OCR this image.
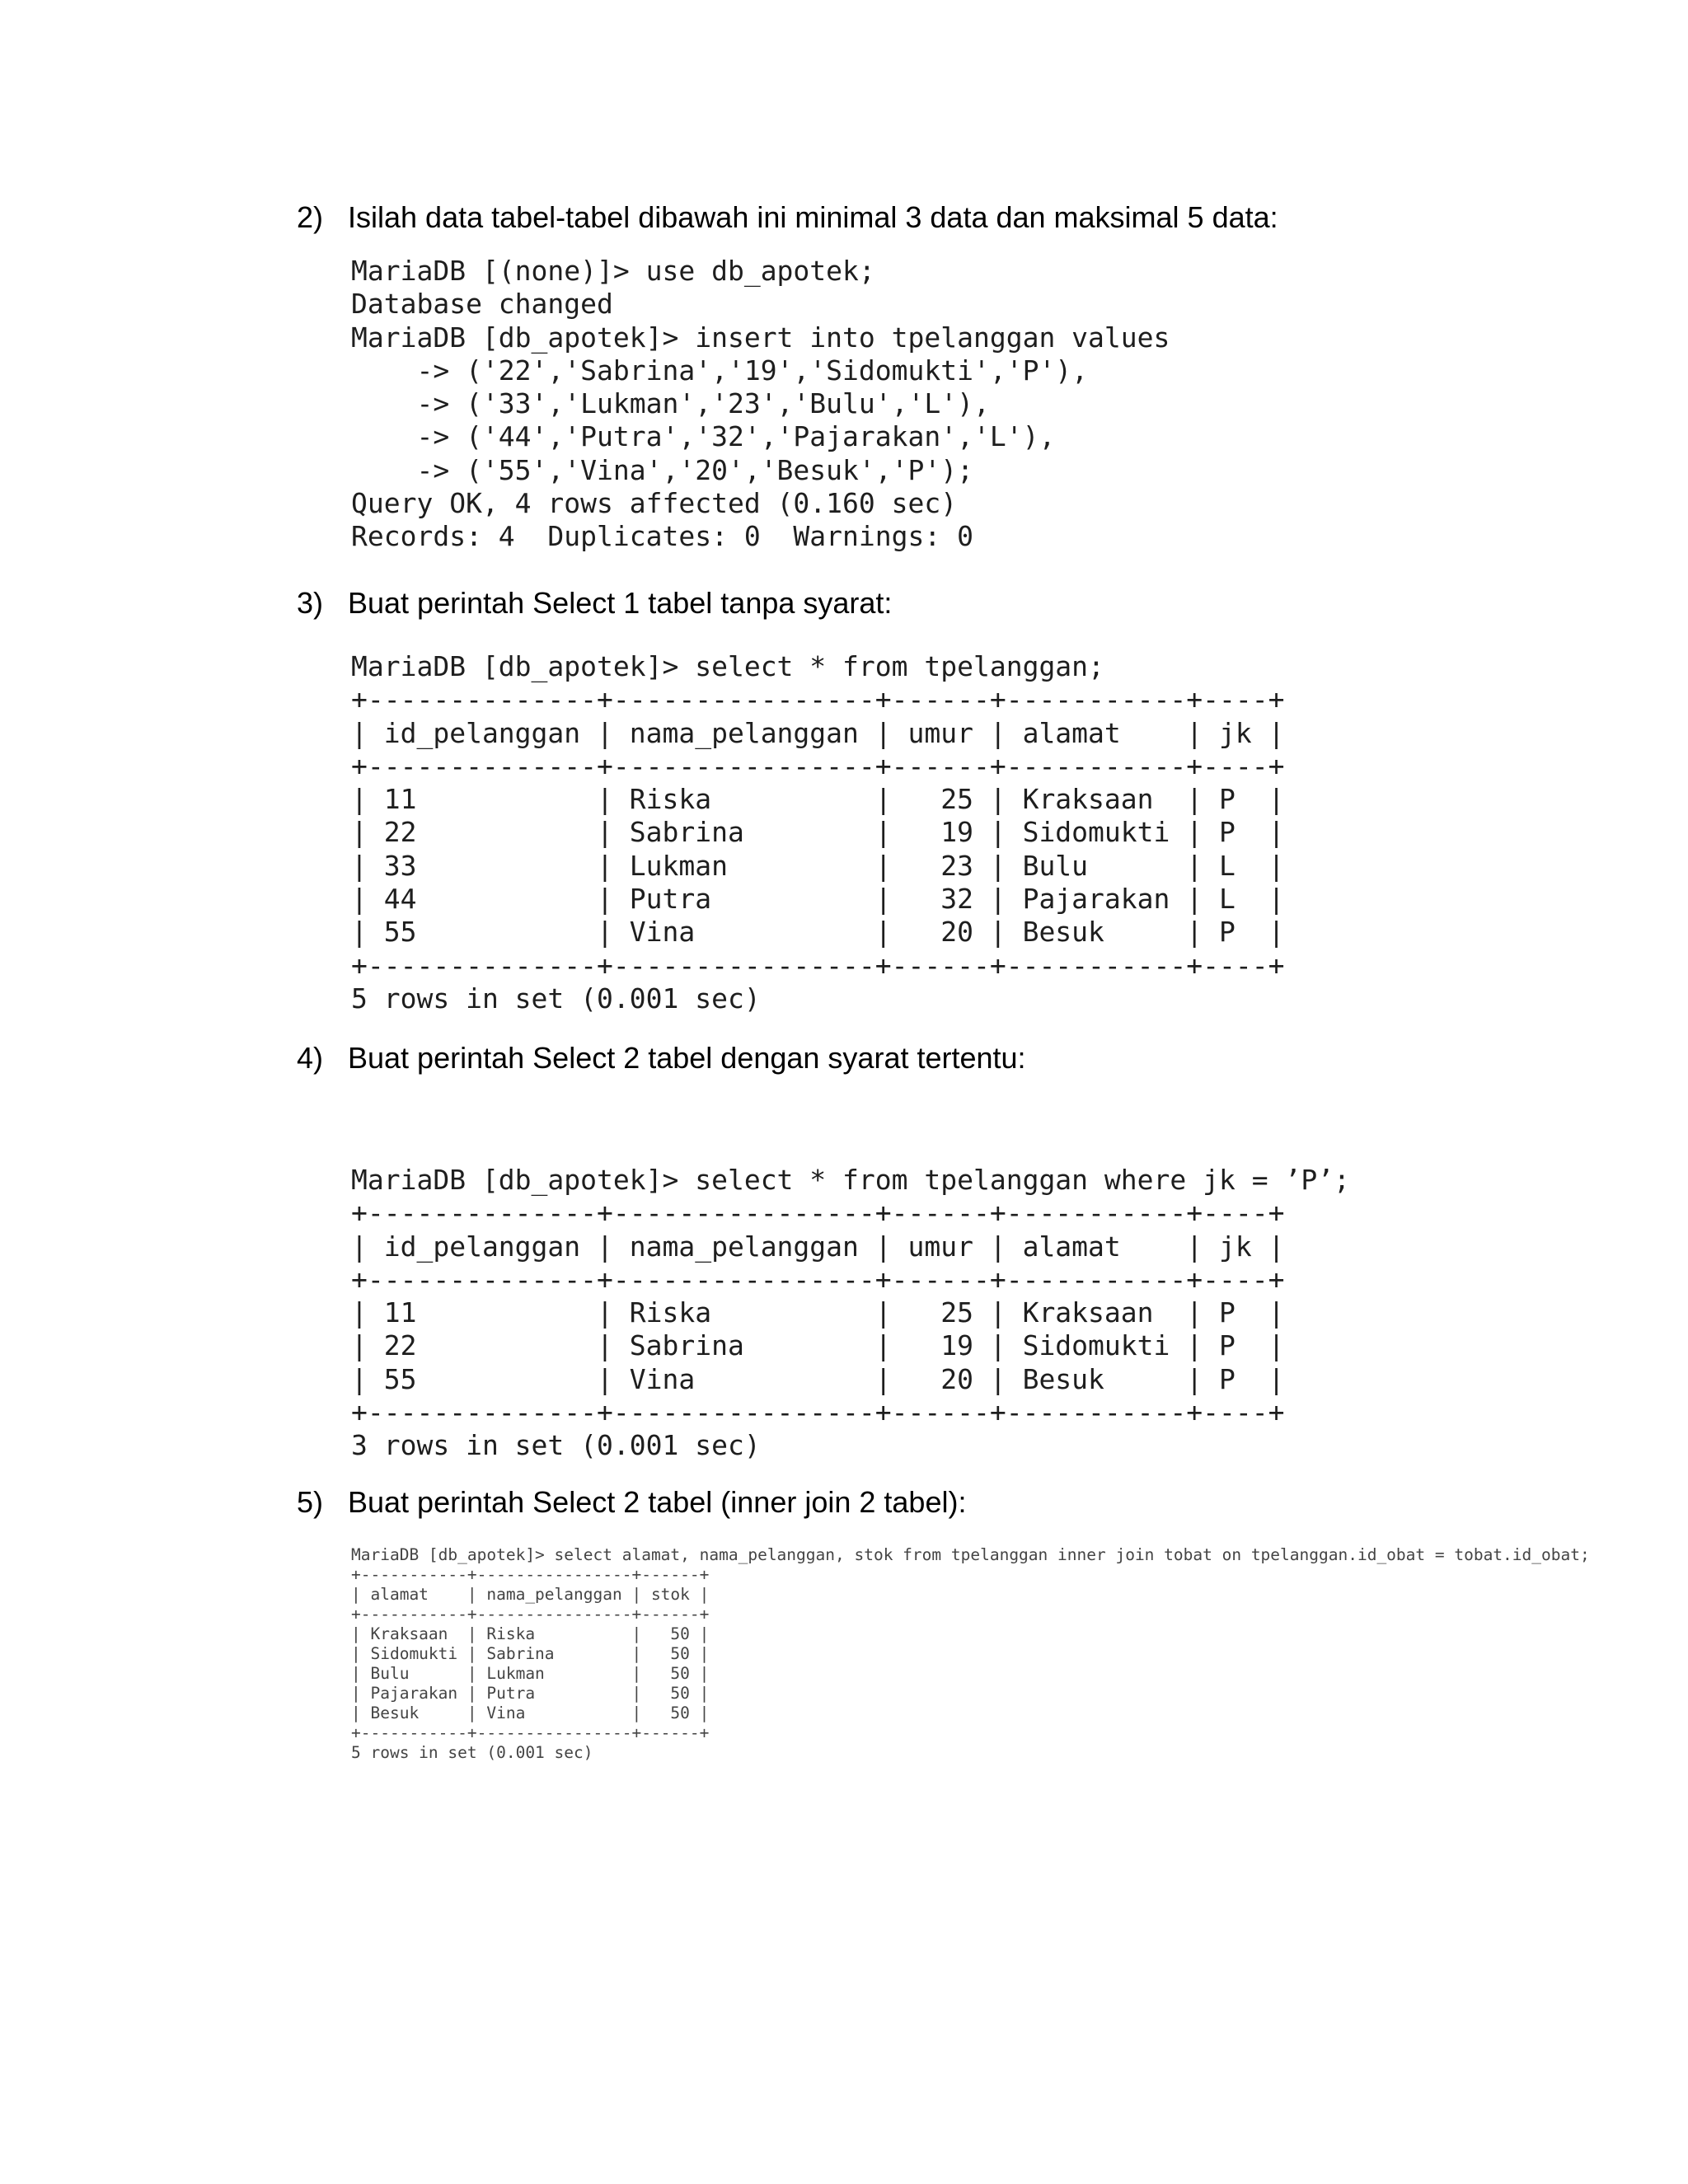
2) Isilah data tabel-tabel dibawah ini minimal 3 data dan maksimal 5 data:
3) Buat perintah Select 1 tabel tanpa syarat:
4) Buat perintah Select 2 tabel dengan syarat tertentu:
5) Buat perintah Select 2 tabel (inner join 2 tabel):
MariaDB [(none)]> use db_apotek;
Database changed
MariaDB [db_apotek]> insert into tpelanggan values
-> ('22','Sabrina','19','Sidomukti','P'),
-> ('33','Lukman','23','Bulu','L'),
-> ('44','Putra','32','Pajarakan','L'),
-> ('55','Vina','20','Besuk','P');
Query OK, 4 rows affected (0.160 sec)
Records: 4  Duplicates: 0  Warnings: 0
MariaDB [db_apotek]> select * from tpelanggan;
+--------------+----------------+------+-----------+----+
| id_pelanggan | nama_pelanggan | umur | alamat    | jk |
+--------------+----------------+------+-----------+----+
| 11           | Riska          |   25 | Kraksaan  | P  |
| 22           | Sabrina        |   19 | Sidomukti | P  |
| 33           | Lukman         |   23 | Bulu      | L  |
| 44           | Putra          |   32 | Pajarakan | L  |
| 55           | Vina           |   20 | Besuk     | P  |
+--------------+----------------+------+-----------+----+
5 rows in set (0.001 sec)
MariaDB [db_apotek]> select * from tpelanggan where jk = ’P’;
+--------------+----------------+------+-----------+----+
| id_pelanggan | nama_pelanggan | umur | alamat    | jk |
+--------------+----------------+------+-----------+----+
| 11           | Riska          |   25 | Kraksaan  | P  |
| 22           | Sabrina        |   19 | Sidomukti | P  |
| 55           | Vina           |   20 | Besuk     | P  |
+--------------+----------------+------+-----------+----+
3 rows in set (0.001 sec)
MariaDB [db_apotek]> select alamat, nama_pelanggan, stok from tpelanggan inner join tobat on tpelanggan.id_obat = tobat.id_obat;
+-----------+----------------+------+
| alamat    | nama_pelanggan | stok |
+-----------+----------------+------+
| Kraksaan  | Riska          |   50 |
| Sidomukti | Sabrina        |   50 |
| Bulu      | Lukman         |   50 |
| Pajarakan | Putra          |   50 |
| Besuk     | Vina           |   50 |
+-----------+----------------+------+
5 rows in set (0.001 sec)
